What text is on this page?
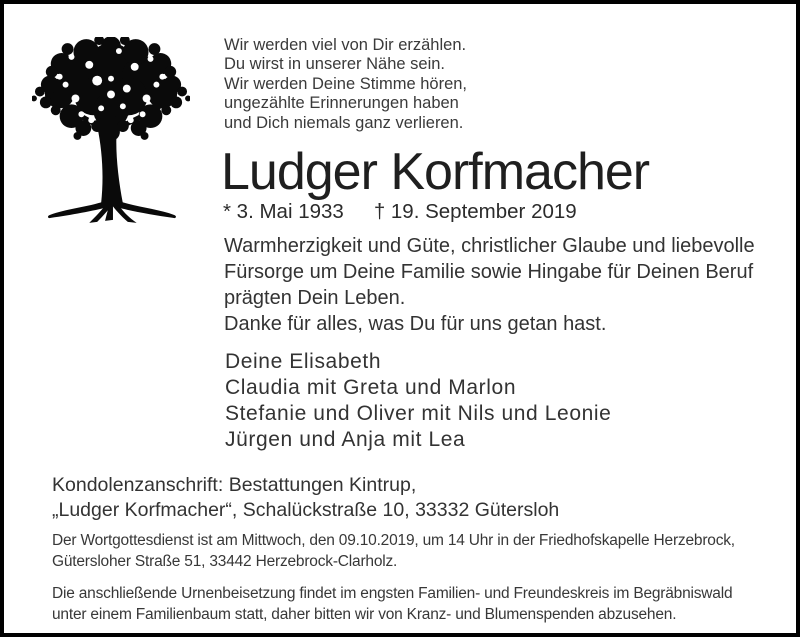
Wir werden viel von Dir erzählen.
Du wirst in unserer Nähe sein.
Wir werden Deine Stimme hören,
ungezählte Erinnerungen haben
und Dich niemals ganz verlieren.
Ludger Korfmacher
* 3. Mai 1933 † 19. September 2019
Warmherzigkeit und Güte, christlicher Glaube und liebevolle
Fürsorge um Deine Familie sowie Hingabe für Deinen Beruf
prägten Dein Leben.
Danke für alles, was Du für uns getan hast.
Deine Elisabeth
Claudia mit Greta und Marlon
Stefanie und Oliver mit Nils und Leonie
Jürgen und Anja mit Lea
Kondolenzanschrift: Bestattungen Kintrup,
„Ludger Korfmacher“, Schalückstraße 10, 33332 Gütersloh
Der Wortgottesdienst ist am Mittwoch, den 09.10.2019, um 14 Uhr in der Friedhofskapelle Herzebrock,
Gütersloher Straße 51, 33442 Herzebrock-Clarholz.
Die anschließende Urnenbeisetzung findet im engsten Familien- und Freundeskreis im Begräbniswald
unter einem Familienbaum statt, daher bitten wir von Kranz- und Blumenspenden abzusehen.
